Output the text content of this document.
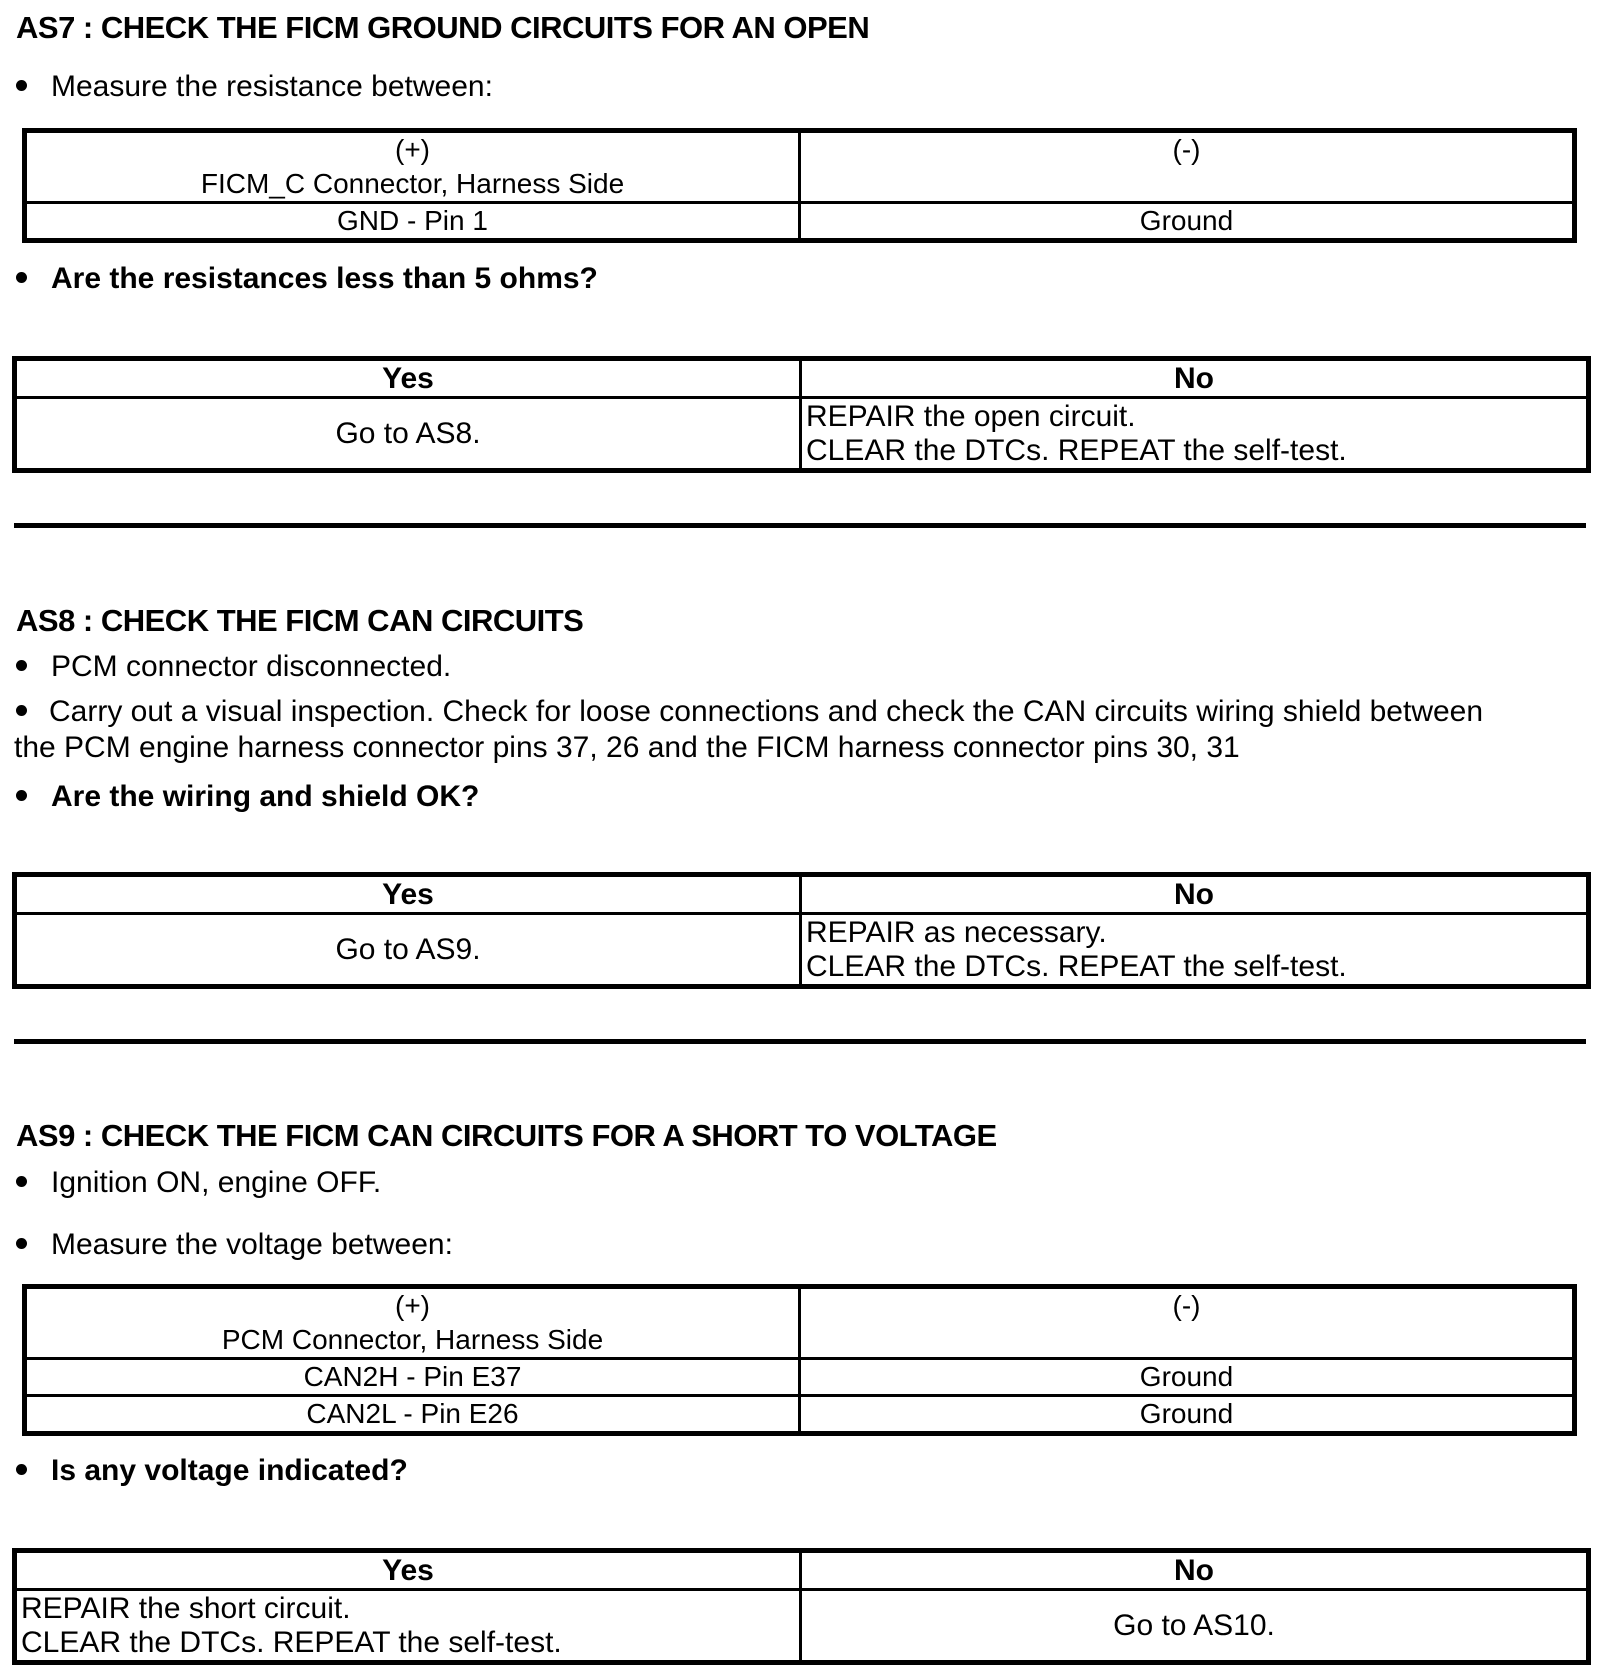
AS7 : CHECK THE FICM GROUND CIRCUITS FOR AN OPEN
Measure the resistance between:
(+)
FICM_C Connector, Harness Side	(-)

GND - Pin 1	Ground
Are the resistances less than 5 ohms?
Yes	No
Go to AS8.	REPAIR the open circuit.
CLEAR the DTCs. REPEAT the self-test.
AS8 : CHECK THE FICM CAN CIRCUITS
PCM connector disconnected.
Carry out a visual inspection. Check for loose connections and check the CAN circuits wiring shield between
the PCM engine harness connector pins 37, 26 and the FICM harness connector pins 30, 31
Are the wiring and shield OK?
Yes	No
Go to AS9.	REPAIR as necessary.
CLEAR the DTCs. REPEAT the self-test.
AS9 : CHECK THE FICM CAN CIRCUITS FOR A SHORT TO VOLTAGE
Ignition ON, engine OFF.
Measure the voltage between:
(+)
PCM Connector, Harness Side	(-)

CAN2H - Pin E37	Ground
CAN2L - Pin E26	Ground
Is any voltage indicated?
Yes	No

REPAIR the short circuit.
CLEAR the DTCs. REPEAT the self-test.	Go to AS10.
